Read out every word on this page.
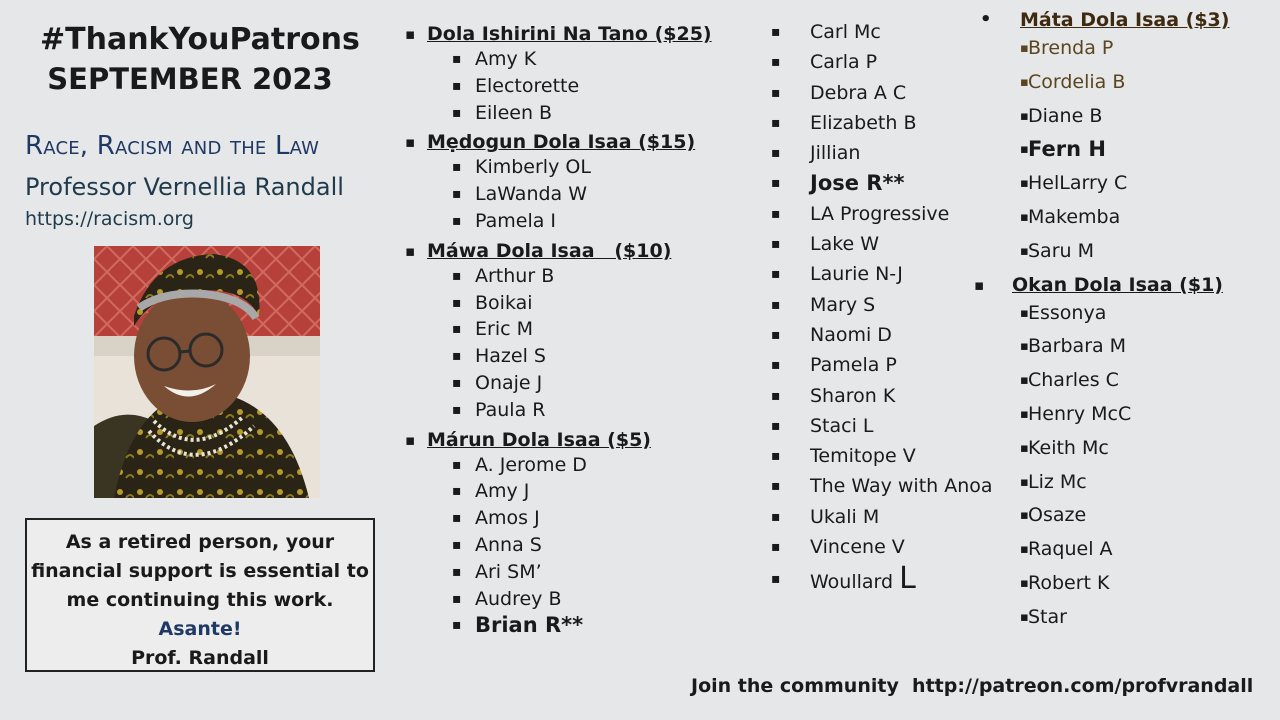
#ThankYouPatrons
SEPTEMBER 2023
Race, Racism and the Law
Professor Vernellia Randall
https://racism.org
As a retired person, your
financial support is essential to
me continuing this work.
Asante!
Prof. Randall
▪ Dola Ishirini Na Tano ($25)
▪ Amy K
▪ Electorette
▪ Eileen B
▪ Mẹdogun Dola Isaa ($15)
▪ Kimberly OL
▪ LaWanda W
▪ Pamela I
▪ Máwa Dola Isaa   ($10)
▪ Arthur B
▪ Boikai
▪ Eric M
▪ Hazel S
▪ Onaje J
▪ Paula R
▪ Márun Dola Isaa ($5)
▪ A. Jerome D
▪ Amy J
▪ Amos J
▪ Anna S
▪ Ari SM’
▪ Audrey B
▪ Brian R**
▪ Carl Mc
▪ Carla P
▪ Debra A C
▪ Elizabeth B
▪ Jillian
▪ Jose R**
▪ LA Progressive
▪ Lake W
▪ Laurie N-J
▪ Mary S
▪ Naomi D
▪ Pamela P
▪ Sharon K
▪ Staci L
▪ Temitope V
▪ The Way with Anoa
▪ Ukali M
▪ Vincene V
▪ Woullard L
• Máta Dola Isaa ($3)
▪ Brenda P
▪ Cordelia B
▪ Diane B
▪ Fern H
▪ HelLarry C
▪ Makemba
▪ Saru M
▪ Okan Dola Isaa ($1)
▪ Essonya
▪ Barbara M
▪ Charles C
▪ Henry McC
▪ Keith Mc
▪ Liz Mc
▪ Osaze
▪ Raquel A
▪ Robert K
▪ Star
Join the community  http://patreon.com/profvrandall
